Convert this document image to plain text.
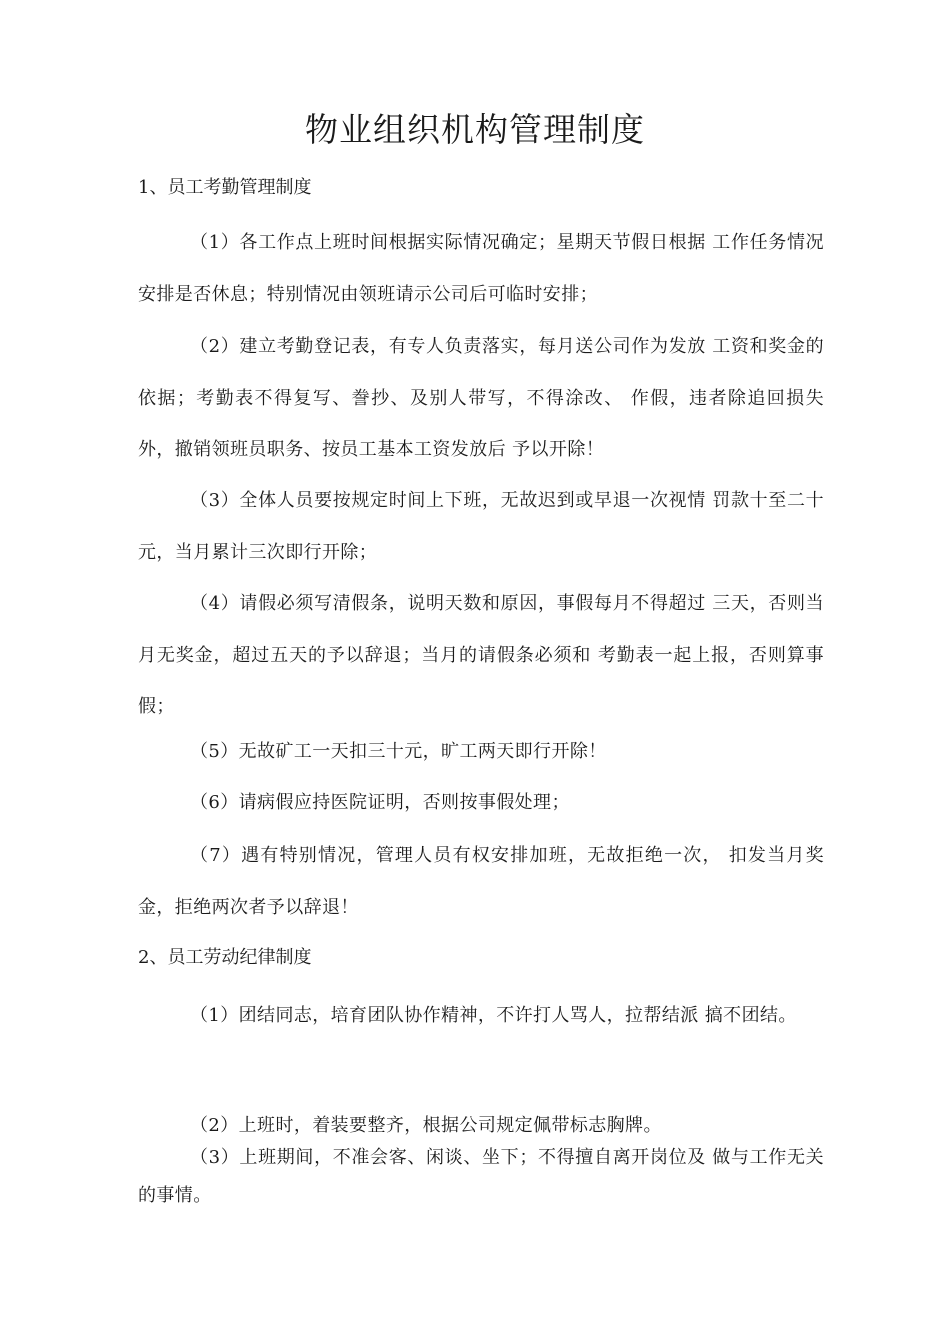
物业组织机构管理制度
1、员工考勤管理制度

（1）各工作点上班时间根据实际情况确定；星期天节假日根据 工作任务情况安排是否休息；特别情况由领班请示公司后可临时安排；

（2）建立考勤登记表，有专人负责落实，每月送公司作为发放 工资和奖金的依据；考勤表不得复写、誊抄、及别人带写，不得涂改、 作假，违者除追回损失外，撤销领班员职务、按员工基本工资发放后 予以开除！

（3）全体人员要按规定时间上下班，无故迟到或早退一次视情 罚款十至二十元，当月累计三次即行开除；

（4）请假必须写清假条，说明天数和原因，事假每月不得超过 三天，否则当月无奖金，超过五天的予以辞退；当月的请假条必须和 考勤表一起上报，否则算事假；

（5）无故矿工一天扣三十元，旷工两天即行开除！

（6）请病假应持医院证明，否则按事假处理；

（7）遇有特别情况，管理人员有权安排加班，无故拒绝一次， 扣发当月奖金，拒绝两次者予以辞退！

2、员工劳动纪律制度

（1）团结同志，培育团队协作精神，不许打人骂人，拉帮结派 搞不团结。

（2）上班时，着装要整齐，根据公司规定佩带标志胸牌。

（3）上班期间，不准会客、闲谈、坐下；不得擅自离开岗位及 做与工作无关的事情。
